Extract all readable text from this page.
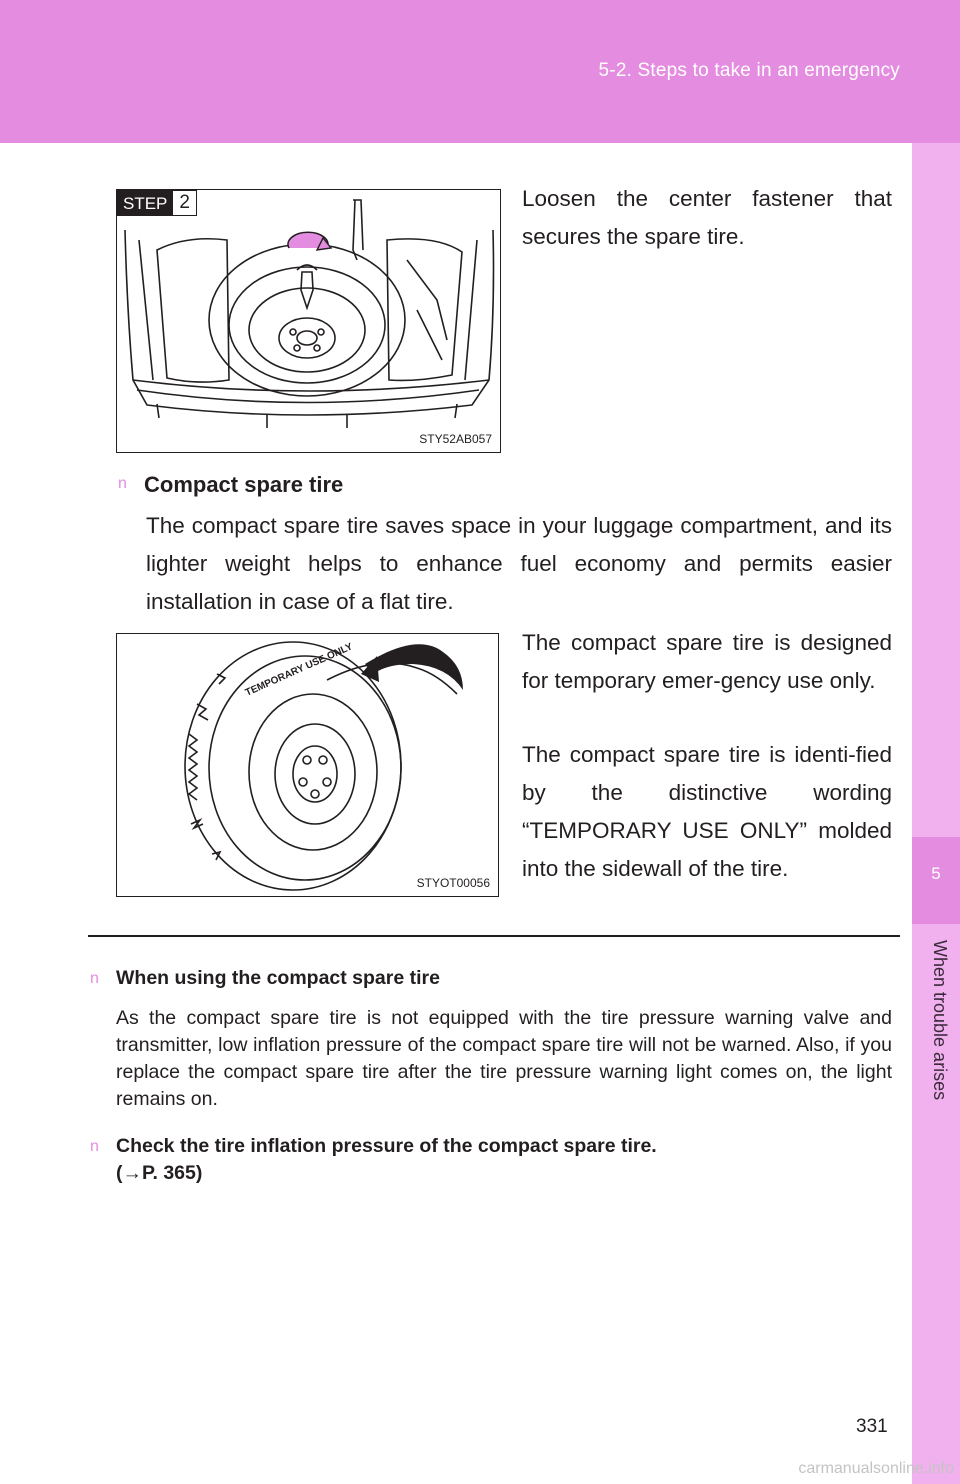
5-2. Steps to take in an emergency
5
When trouble arises
STEP 2
STY52AB057
Loosen the center fastener that secures the spare tire.
n Compact spare tire
The compact spare tire saves space in your luggage compartment, and its lighter weight helps to enhance fuel economy and permits easier installation in case of a flat tire.
TEMPORARY USE ONLY
STYOT00056
The compact spare tire is designed for temporary emer-gency use only.
The compact spare tire is identi-fied by the distinctive wording “TEMPORARY USE ONLY” molded into the sidewall of the tire.
n When using the compact spare tire
As the compact spare tire is not equipped with the tire pressure warning valve and transmitter, low inflation pressure of the compact spare tire will not be warned. Also, if you replace the compact spare tire after the tire pressure warning light comes on, the light remains on.
n Check the tire inflation pressure of the compact spare tire.
(→P. 365)
331
carmanualsonline.info
